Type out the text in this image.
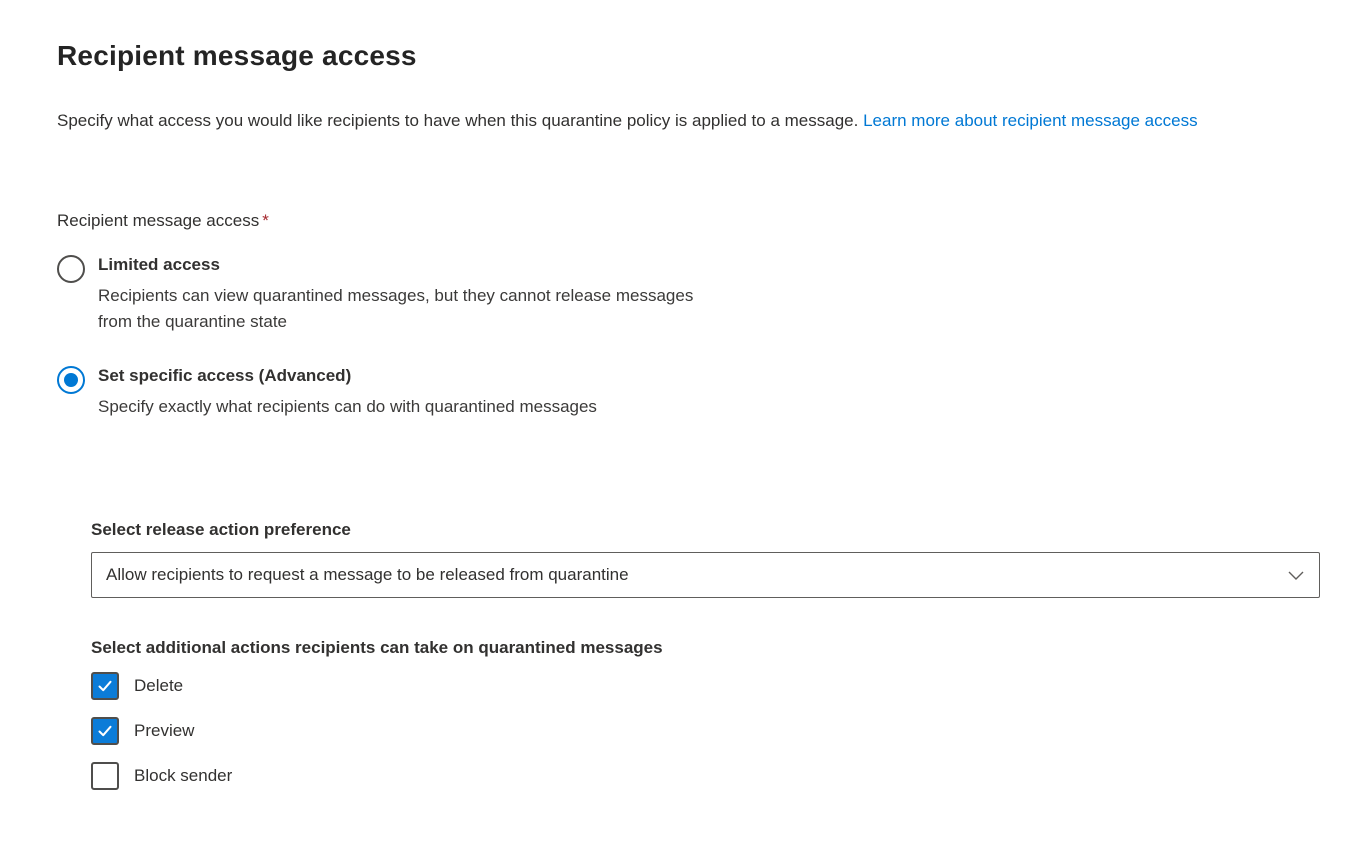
Recipient message access

Specify what access you would like recipients to have when this quarantine policy is applied to a message. Learn more about recipient message access

Recipient message access *
Limited access
Recipients can view quarantined messages, but they cannot release messages
from the quarantine state
Set specific access (Advanced)
Specify exactly what recipients can do with quarantined messages
Select release action preference
Allow recipients to request a message to be released from quarantine
Select additional actions recipients can take on quarantined messages
Delete
Preview
Block sender
